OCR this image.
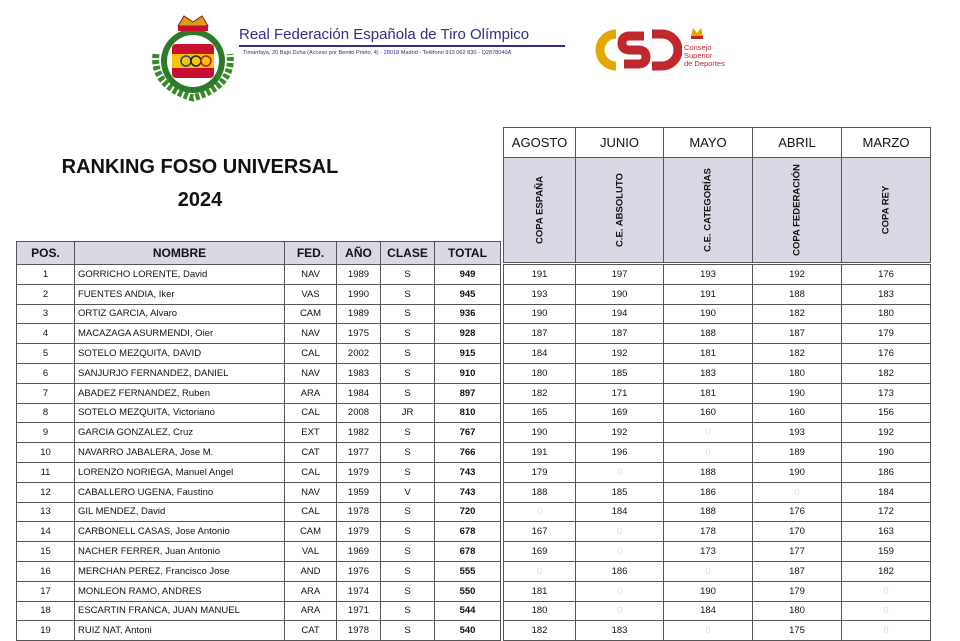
Real Federación Española de Tiro Olímpico
Timanfaya, 20 Bajo Dcha (Acceso por Benito Prieto, 4) - 28018 Madrid - Teléfono 913 062 830 - Q2878040A
Consejo
Superior
de Deportes
RANKING FOSO UNIVERSAL
2024
AGOSTO	JUNIO	MAYO	ABRIL	MARZO

COPA ESPAÑA	C.E. ABSOLUTO	C.E. CATEGORÍAS	COPA FEDERACIÓN	COPA REY
POS.	NOMBRE	FED.	AÑO	CLASE	TOTAL						
1	GORRICHO LORENTE, David	NAV	1989	S	949		191	197	193	192	176
2	FUENTES ANDIA, Iker	VAS	1990	S	945		193	190	191	188	183
3	ORTIZ GARCIA, Alvaro	CAM	1989	S	936		190	194	190	182	180
4	MACAZAGA ASURMENDI, Oier	NAV	1975	S	928		187	187	188	187	179
5	SOTELO MEZQUITA, DAVID	CAL	2002	S	915		184	192	181	182	176
6	SANJURJO FERNANDEZ, DANIEL	NAV	1983	S	910		180	185	183	180	182
7	ABADEZ FERNANDEZ, Ruben	ARA	1984	S	897		182	171	181	190	173
8	SOTELO MEZQUITA, Victoriano	CAL	2008	JR	810		165	169	160	160	156
9	GARCIA GONZALEZ, Cruz	EXT	1982	S	767		190	192	0	193	192
10	NAVARRO JABALERA, Jose M.	CAT	1977	S	766		191	196	0	189	190
11	LORENZO NORIEGA, Manuel Angel	CAL	1979	S	743		179	0	188	190	186
12	CABALLERO UGENA, Faustino	NAV	1959	V	743		188	185	186	0	184
13	GIL MENDEZ, David	CAL	1978	S	720		0	184	188	176	172
14	CARBONELL CASAS, Jose Antonio	CAM	1979	S	678		167	0	178	170	163
15	NACHER FERRER, Juan Antonio	VAL	1969	S	678		169	0	173	177	159
16	MERCHAN PEREZ, Francisco Jose	AND	1976	S	555		0	186	0	187	182
17	MONLEON RAMO, ANDRES	ARA	1974	S	550		181	0	190	179	0
18	ESCARTIN FRANCA, JUAN MANUEL	ARA	1971	S	544		180	0	184	180	0
19	RUIZ NAT, Antoni	CAT	1978	S	540		182	183	0	175	0
